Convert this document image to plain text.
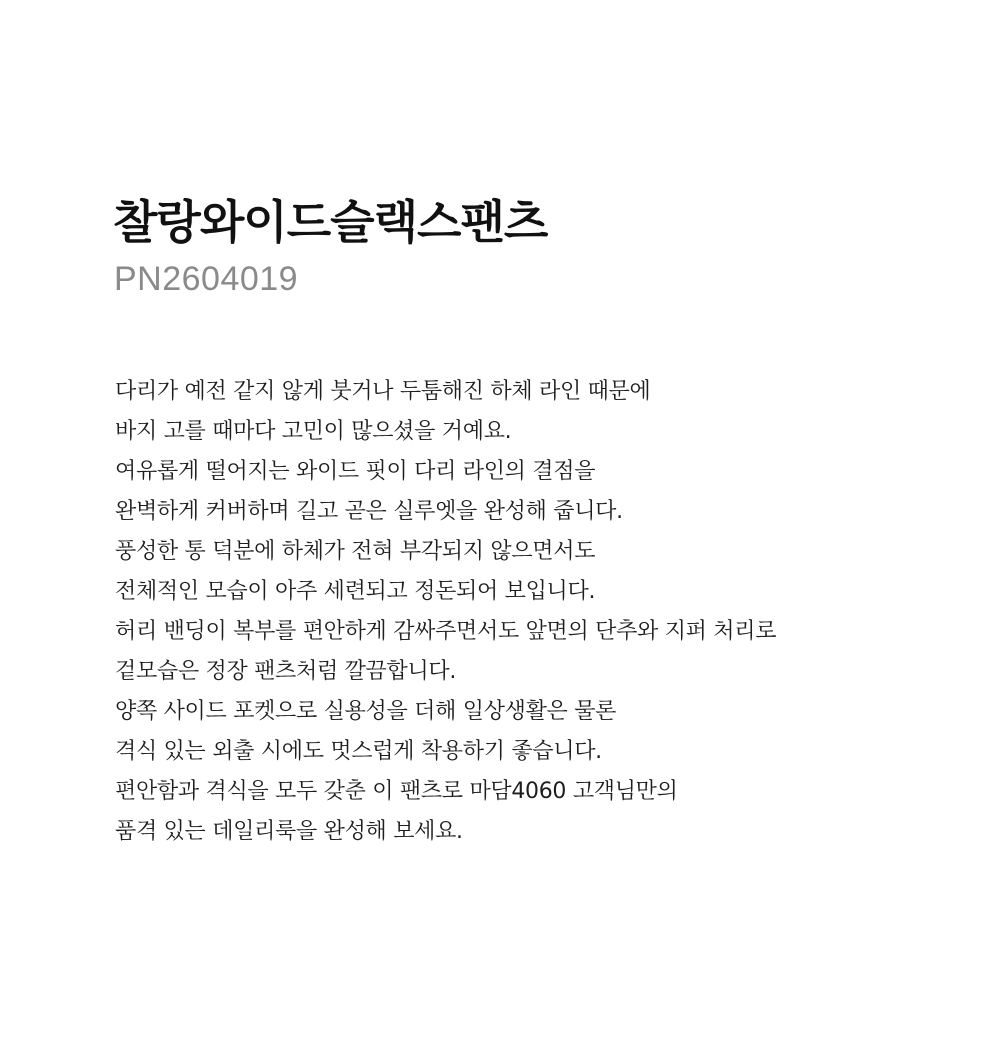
찰랑와이드슬랙스팬츠

PN2604019

다리가 예전 같지 않게 붓거나 두툼해진 하체 라인 때문에
바지 고를 때마다 고민이 많으셨을 거예요.
여유롭게 떨어지는 와이드 핏이 다리 라인의 결점을
완벽하게 커버하며 길고 곧은 실루엣을 완성해 줍니다.
풍성한 통 덕분에 하체가 전혀 부각되지 않으면서도
전체적인 모습이 아주 세련되고 정돈되어 보입니다.
허리 밴딩이 복부를 편안하게 감싸주면서도 앞면의 단추와 지퍼 처리로
겉모습은 정장 팬츠처럼 깔끔합니다.
양쪽 사이드 포켓으로 실용성을 더해 일상생활은 물론
격식 있는 외출 시에도 멋스럽게 착용하기 좋습니다.
편안함과 격식을 모두 갖춘 이 팬츠로 마담4060 고객님만의
품격 있는 데일리룩을 완성해 보세요.
